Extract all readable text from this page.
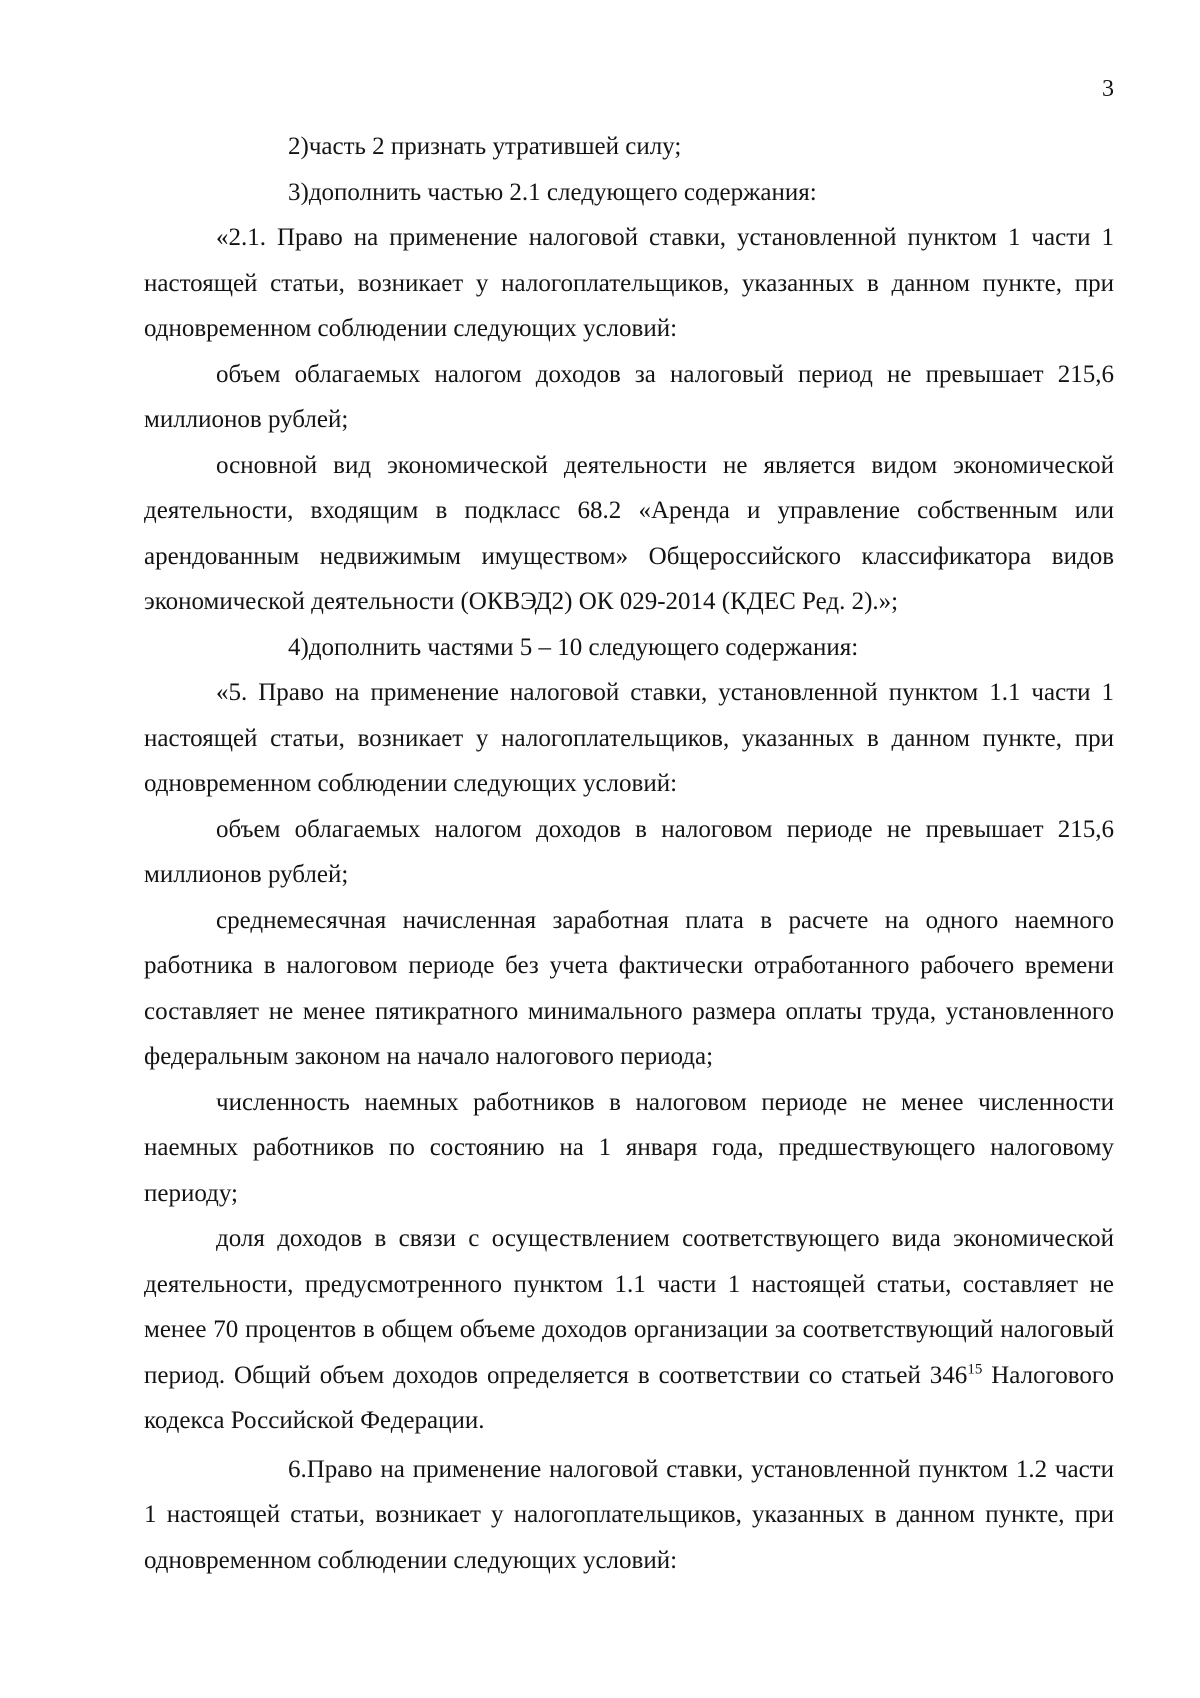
3

2)часть 2 признать утратившей силу;

3)дополнить частью 2.1 следующего содержания:

«2.1. Право на применение налоговой ставки, установленной пунктом 1 части 1 настоящей статьи, возникает у налогоплательщиков, указанных в данном пункте, при одновременном соблюдении следующих условий:

объем облагаемых налогом доходов за налоговый период не превышает 215,6 миллионов рублей;

основной вид экономической деятельности не является видом экономической деятельности, входящим в подкласс 68.2 «Аренда и управление собственным или арендованным недвижимым имуществом» Общероссийского классификатора видов экономической деятельности (ОКВЭД2) ОК 029-2014 (КДЕС Ред. 2).»;

4)дополнить частями 5 – 10 следующего содержания:

«5. Право на применение налоговой ставки, установленной пунктом 1.1 части 1 настоящей статьи, возникает у налогоплательщиков, указанных в данном пункте, при одновременном соблюдении следующих условий:

объем облагаемых налогом доходов в налоговом периоде не превышает 215,6 миллионов рублей;

среднемесячная начисленная заработная плата в расчете на одного наемного работника в налоговом периоде без учета фактически отработанного рабочего времени составляет не менее пятикратного минимального размера оплаты труда, установленного федеральным законом на начало налогового периода;

численность наемных работников в налоговом периоде не менее численности наемных работников по состоянию на 1 января года, предшествующего налоговому периоду;

доля доходов в связи с осуществлением соответствующего вида экономической деятельности, предусмотренного пунктом 1.1 части 1 настоящей статьи, составляет не менее 70 процентов в общем объеме доходов организации за соответствующий налоговый период. Общий объем доходов определяется в соответствии со статьей $346^{15}$ Налогового кодекса Российской Федерации.

6.Право на применение налоговой ставки, установленной пунктом 1.2 части 1 настоящей статьи, возникает у налогоплательщиков, указанных в данном пункте, при одновременном соблюдении следующих условий:
